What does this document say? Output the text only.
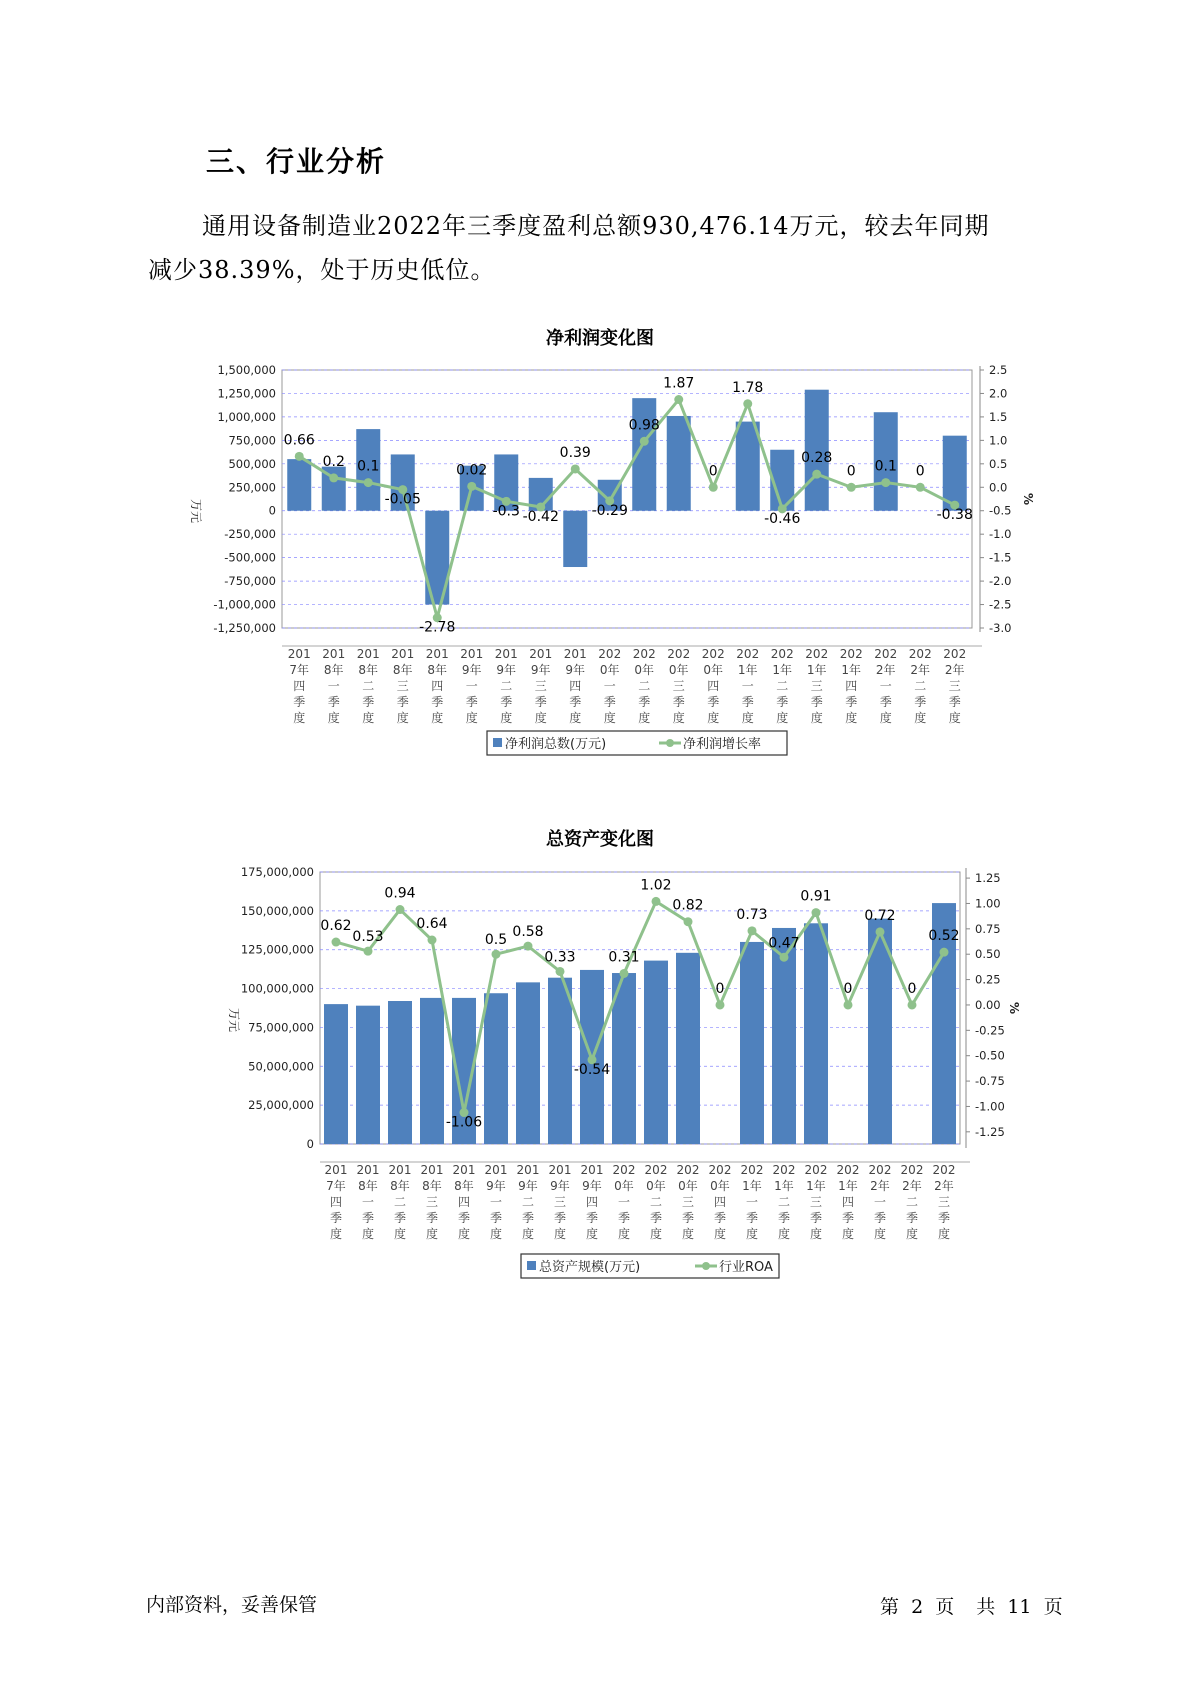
三、行业分析
通用设备制造业2022年三季度盈利总额930,476.14万元，较去年同期
减少38.39%，处于历史低位。
净利润变化图
1,500,000
1,250,000
1,000,000
750,000
500,000
250,000
0
-250,000
-500,000
-750,000
-1,000,000
-1,250,000
万元
2.5
2.0
1.5
1.0
0.5
0.0
-0.5
-1.0
-1.5
-2.0
-2.5
-3.0
%
0.66
0.2 0.1
-0.05
-2.78
0.02
-0.3 -0.42
0.39
-0.29
0.98
1.87
0
1.78
-0.46
0.28
0 0.1 0
-0.38
201
7年
四
季
度
201
8年
一
季
度
201
8年
二
季
度
201
8年
三
季
度
201
8年
四
季
度
201
9年
一
季
度
201
9年
二
季
度
201
9年
三
季
度
201
9年
四
季
度
202
0年
一
季
度
202
0年
二
季
度
202
0年
三
季
度
202
0年
四
季
度
202
1年
一
季
度
202
1年
二
季
度
202
1年
三
季
度
202
1年
四
季
度
202
2年
一
季
度
202
2年
二
季
度
202
2年
三
季
度
净利润总数(万元)	净利润增长率
总资产变化图
175,000,000
150,000,000
125,000,000
100,000,000
75,000,000
50,000,000
25,000,000
0
万元
1.25
1.00
0.75
0.50
0.25
0.00
-0.25
-0.50
-0.75
-1.00
-1.25
%
0.62
0.53
0.94
0.64
-1.06
0.5
0.58
0.33
-0.54
0.31
1.02
0.82
0
0.73
0.47
0.91
0
0.72
0
0.52
201
7年
四
季
度
201
8年
一
季
度
201
8年
二
季
度
201
8年
三
季
度
201
8年
四
季
度
201
9年
一
季
度
201
9年
二
季
度
201
9年
三
季
度
201
9年
四
季
度
202
0年
一
季
度
202
0年
二
季
度
202
0年
三
季
度
202
0年
四
季
度
202
1年
一
季
度
202
1年
二
季
度
202
1年
三
季
度
202
1年
四
季
度
202
2年
一
季
度
202
2年
二
季
度
202
2年
三
季
度
总资产规模(万元)	行业ROA
内部资料，妥善保管	第 2 页 共 11 页
